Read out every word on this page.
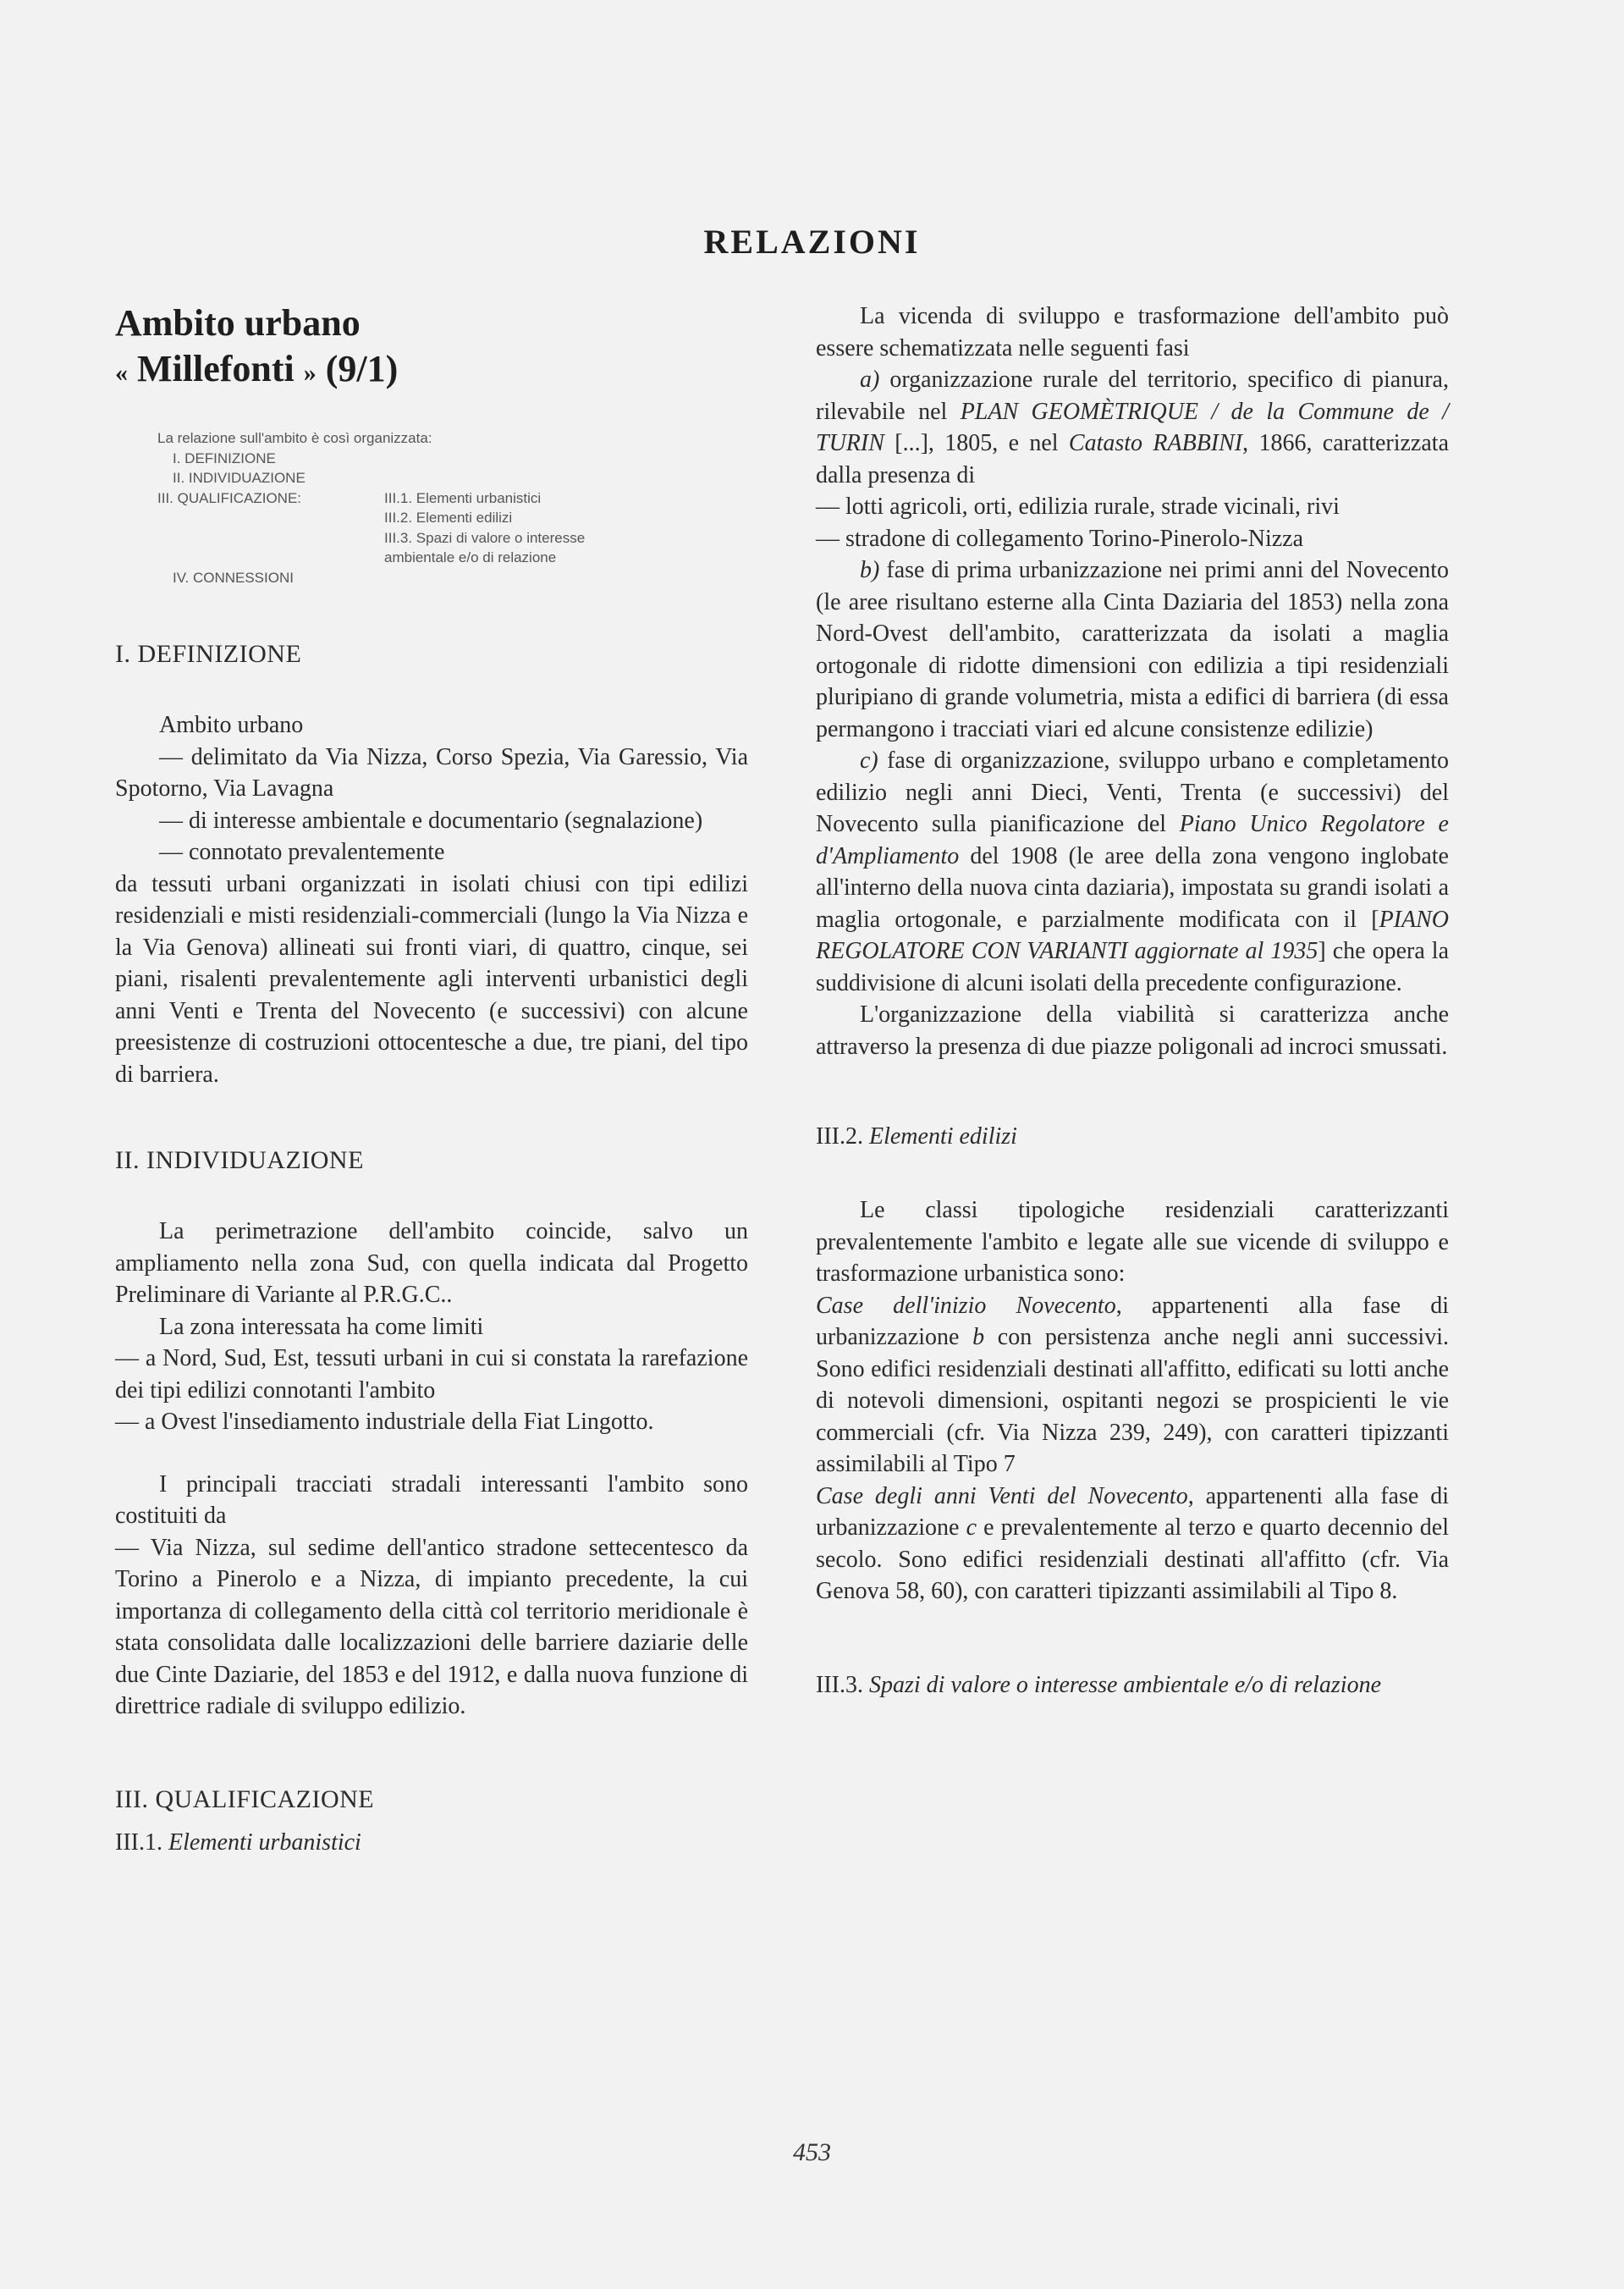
RELAZIONI
Ambito urbano
« Millefonti » (9/1)
La relazione sull'ambito è così organizzata:
I. DEFINIZIONE
II. INDIVIDUAZIONE
III. QUALIFICAZIONE:	III.1. Elementi urbanistici
III.2. Elementi edilizi
III.3. Spazi di valore o interesse ambientale e/o di relazione
IV. CONNESSIONI
I. DEFINIZIONE

Ambito urbano

— delimitato da Via Nizza, Corso Spezia, Via Garessio, Via Spotorno, Via Lavagna

— di interesse ambientale e documentario (segnalazione)

— connotato prevalentemente

da tessuti urbani organizzati in isolati chiusi con tipi edilizi residenziali e misti residenziali-commerciali (lungo la Via Nizza e la Via Genova) allineati sui fronti viari, di quattro, cinque, sei piani, risalenti prevalentemente agli interventi urbanistici degli anni Venti e Trenta del Novecento (e successivi) con alcune preesistenze di costruzioni ottocentesche a due, tre piani, del tipo di barriera.

II. INDIVIDUAZIONE

La perimetrazione dell'ambito coincide, salvo un ampliamento nella zona Sud, con quella indicata dal Progetto Preliminare di Variante al P.R.G.C..

La zona interessata ha come limiti

— a Nord, Sud, Est, tessuti urbani in cui si constata la rarefazione dei tipi edilizi connotanti l'ambito

— a Ovest l'insediamento industriale della Fiat Lingotto.

I principali tracciati stradali interessanti l'ambito sono costituiti da

— Via Nizza, sul sedime dell'antico stradone settecentesco da Torino a Pinerolo e a Nizza, di impianto precedente, la cui importanza di collegamento della città col territorio meridionale è stata consolidata dalle localizzazioni delle barriere daziarie delle due Cinte Daziarie, del 1853 e del 1912, e dalla nuova funzione di direttrice radiale di sviluppo edilizio.

III. QUALIFICAZIONE
III.1. Elementi urbanistici

La vicenda di sviluppo e trasformazione dell'ambito può essere schematizzata nelle seguenti fasi

a) organizzazione rurale del territorio, specifico di pianura, rilevabile nel PLAN GEOMÈTRIQUE / de la Commune de / TURIN [...], 1805, e nel Catasto RABBINI, 1866, caratterizzata dalla presenza di

— lotti agricoli, orti, edilizia rurale, strade vicinali, rivi

— stradone di collegamento Torino-Pinerolo-Nizza

b) fase di prima urbanizzazione nei primi anni del Novecento (le aree risultano esterne alla Cinta Daziaria del 1853) nella zona Nord-Ovest dell'ambito, caratterizzata da isolati a maglia ortogonale di ridotte dimensioni con edilizia a tipi residenziali pluripiano di grande volumetria, mista a edifici di barriera (di essa permangono i tracciati viari ed alcune consistenze edilizie)

c) fase di organizzazione, sviluppo urbano e completamento edilizio negli anni Dieci, Venti, Trenta (e successivi) del Novecento sulla pianificazione del Piano Unico Regolatore e d'Ampliamento del 1908 (le aree della zona vengono inglobate all'interno della nuova cinta daziaria), impostata su grandi isolati a maglia ortogonale, e parzialmente modificata con il [PIANO REGOLATORE CON VARIANTI aggiornate al 1935] che opera la suddivisione di alcuni isolati della precedente configurazione.

L'organizzazione della viabilità si caratterizza anche attraverso la presenza di due piazze poligonali ad incroci smussati.

III.2. Elementi edilizi

Le classi tipologiche residenziali caratterizzanti prevalentemente l'ambito e legate alle sue vicende di sviluppo e trasformazione urbanistica sono:

Case dell'inizio Novecento, appartenenti alla fase di urbanizzazione b con persistenza anche negli anni successivi. Sono edifici residenziali destinati all'affitto, edificati su lotti anche di notevoli dimensioni, ospitanti negozi se prospicienti le vie commerciali (cfr. Via Nizza 239, 249), con caratteri tipizzanti assimilabili al Tipo 7

Case degli anni Venti del Novecento, appartenenti alla fase di urbanizzazione c e prevalentemente al terzo e quarto decennio del secolo. Sono edifici residenziali destinati all'affitto (cfr. Via Genova 58, 60), con caratteri tipizzanti assimilabili al Tipo 8.

III.3. Spazi di valore o interesse ambientale e/o di relazione
453
